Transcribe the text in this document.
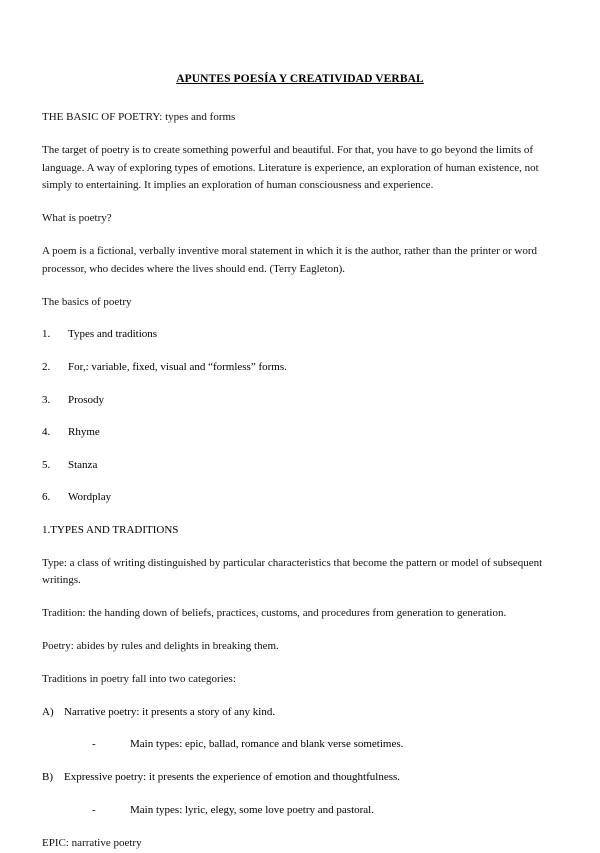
APUNTES POESÍA Y CREATIVIDAD VERBAL

THE BASIC OF POETRY: types and forms

The target of poetry is to create something powerful and beautiful. For that, you have to go beyond the limits of language. A way of exploring types of emotions. Literature is experience, an exploration of human existence, not simply to entertaining. It implies an exploration of human consciousness and experience.

What is poetry?

A poem is a fictional, verbally inventive moral statement in which it is the author, rather than the printer or word processor, who decides where the lives should end. (Terry Eagleton).

The basics of poetry

1.	Types and traditions
2.	For,: variable, fixed, visual and “formless” forms.
3.	Prosody
4.	Rhyme
5.	Stanza
6.	Wordplay

1.TYPES AND TRADITIONS

Type: a class of writing distinguished by particular characteristics that become the pattern or model of subsequent writings.

Tradition: the handing down of beliefs, practices, customs, and procedures from generation to generation.

Poetry: abides by rules and delights in breaking them.

Traditions in poetry fall into two categories:

A) Narrative poetry: it presents a story of any kind.
-	Main types: epic, ballad, romance and blank verse sometimes.
B)	Expressive poetry: it presents the experience of emotion and thoughtfulness.
-	Main types: lyric, elegy, some love poetry and pastoral.

EPIC: narrative poetry
